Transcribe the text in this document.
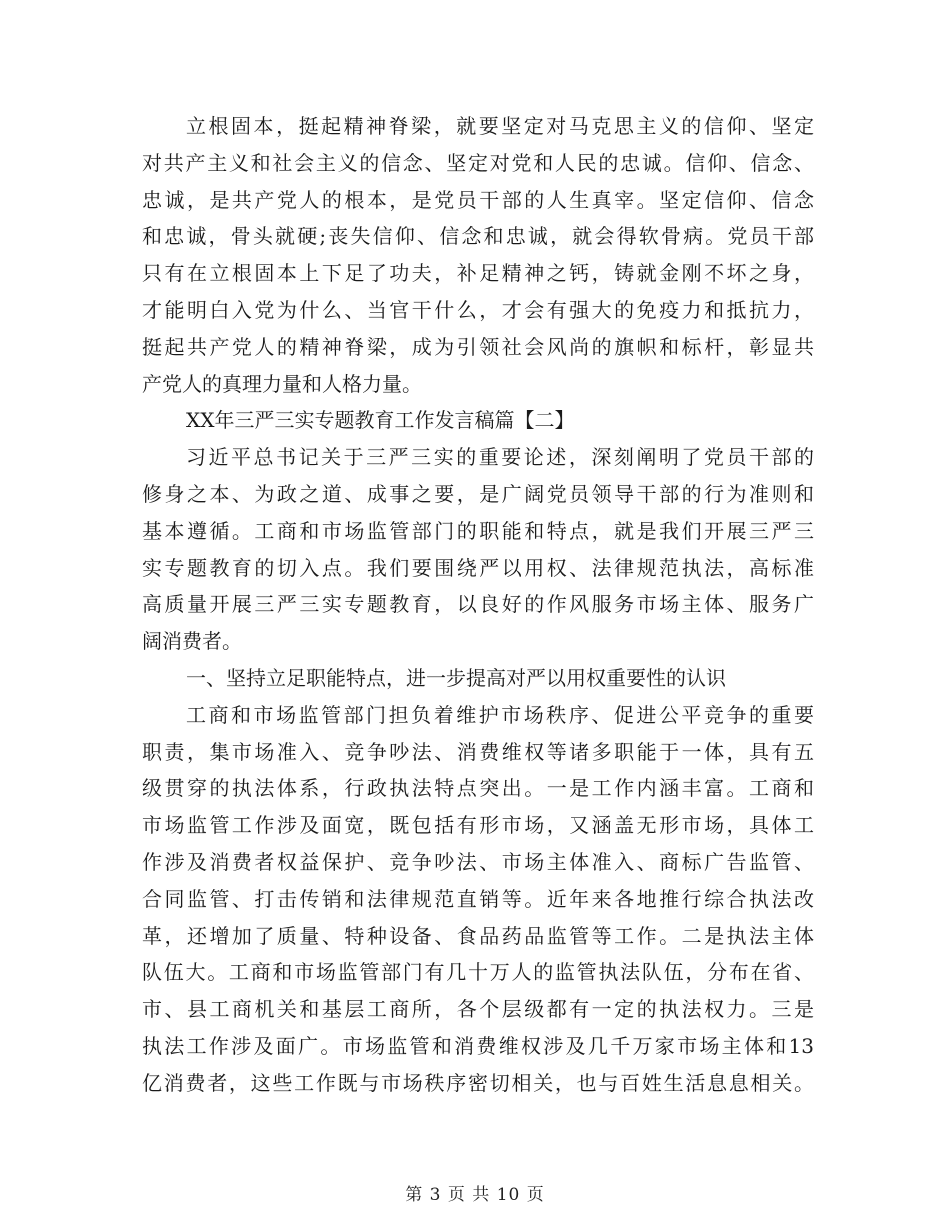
立根固本，挺起精神脊梁，就要坚定对马克思主义的信仰、坚定
对共产主义和社会主义的信念、坚定对党和人民的忠诚。信仰、信念、
忠诚，是共产党人的根本，是党员干部的人生真宰。坚定信仰、信念
和忠诚，骨头就硬;丧失信仰、信念和忠诚，就会得软骨病。党员干部
只有在立根固本上下足了功夫，补足精神之钙，铸就金刚不坏之身，
才能明白入党为什么、当官干什么，才会有强大的免疫力和抵抗力，
挺起共产党人的精神脊梁，成为引领社会风尚的旗帜和标杆，彰显共
产党人的真理力量和人格力量。
XX年三严三实专题教育工作发言稿篇【二】
习近平总书记关于三严三实的重要论述，深刻阐明了党员干部的
修身之本、为政之道、成事之要，是广阔党员领导干部的行为准则和
基本遵循。工商和市场监管部门的职能和特点，就是我们开展三严三
实专题教育的切入点。我们要围绕严以用权、法律规范执法，高标准
高质量开展三严三实专题教育，以良好的作风服务市场主体、服务广
阔消费者。
一、坚持立足职能特点，进一步提高对严以用权重要性的认识
工商和市场监管部门担负着维护市场秩序、促进公平竞争的重要
职责，集市场准入、竞争吵法、消费维权等诸多职能于一体，具有五
级贯穿的执法体系，行政执法特点突出。一是工作内涵丰富。工商和
市场监管工作涉及面宽，既包括有形市场，又涵盖无形市场，具体工
作涉及消费者权益保护、竞争吵法、市场主体准入、商标广告监管、
合同监管、打击传销和法律规范直销等。近年来各地推行综合执法改
革，还增加了质量、特种设备、食品药品监管等工作。二是执法主体
队伍大。工商和市场监管部门有几十万人的监管执法队伍，分布在省、
市、县工商机关和基层工商所，各个层级都有一定的执法权力。三是
执法工作涉及面广。市场监管和消费维权涉及几千万家市场主体和13
亿消费者，这些工作既与市场秩序密切相关，也与百姓生活息息相关。
第 3 页 共 10 页
